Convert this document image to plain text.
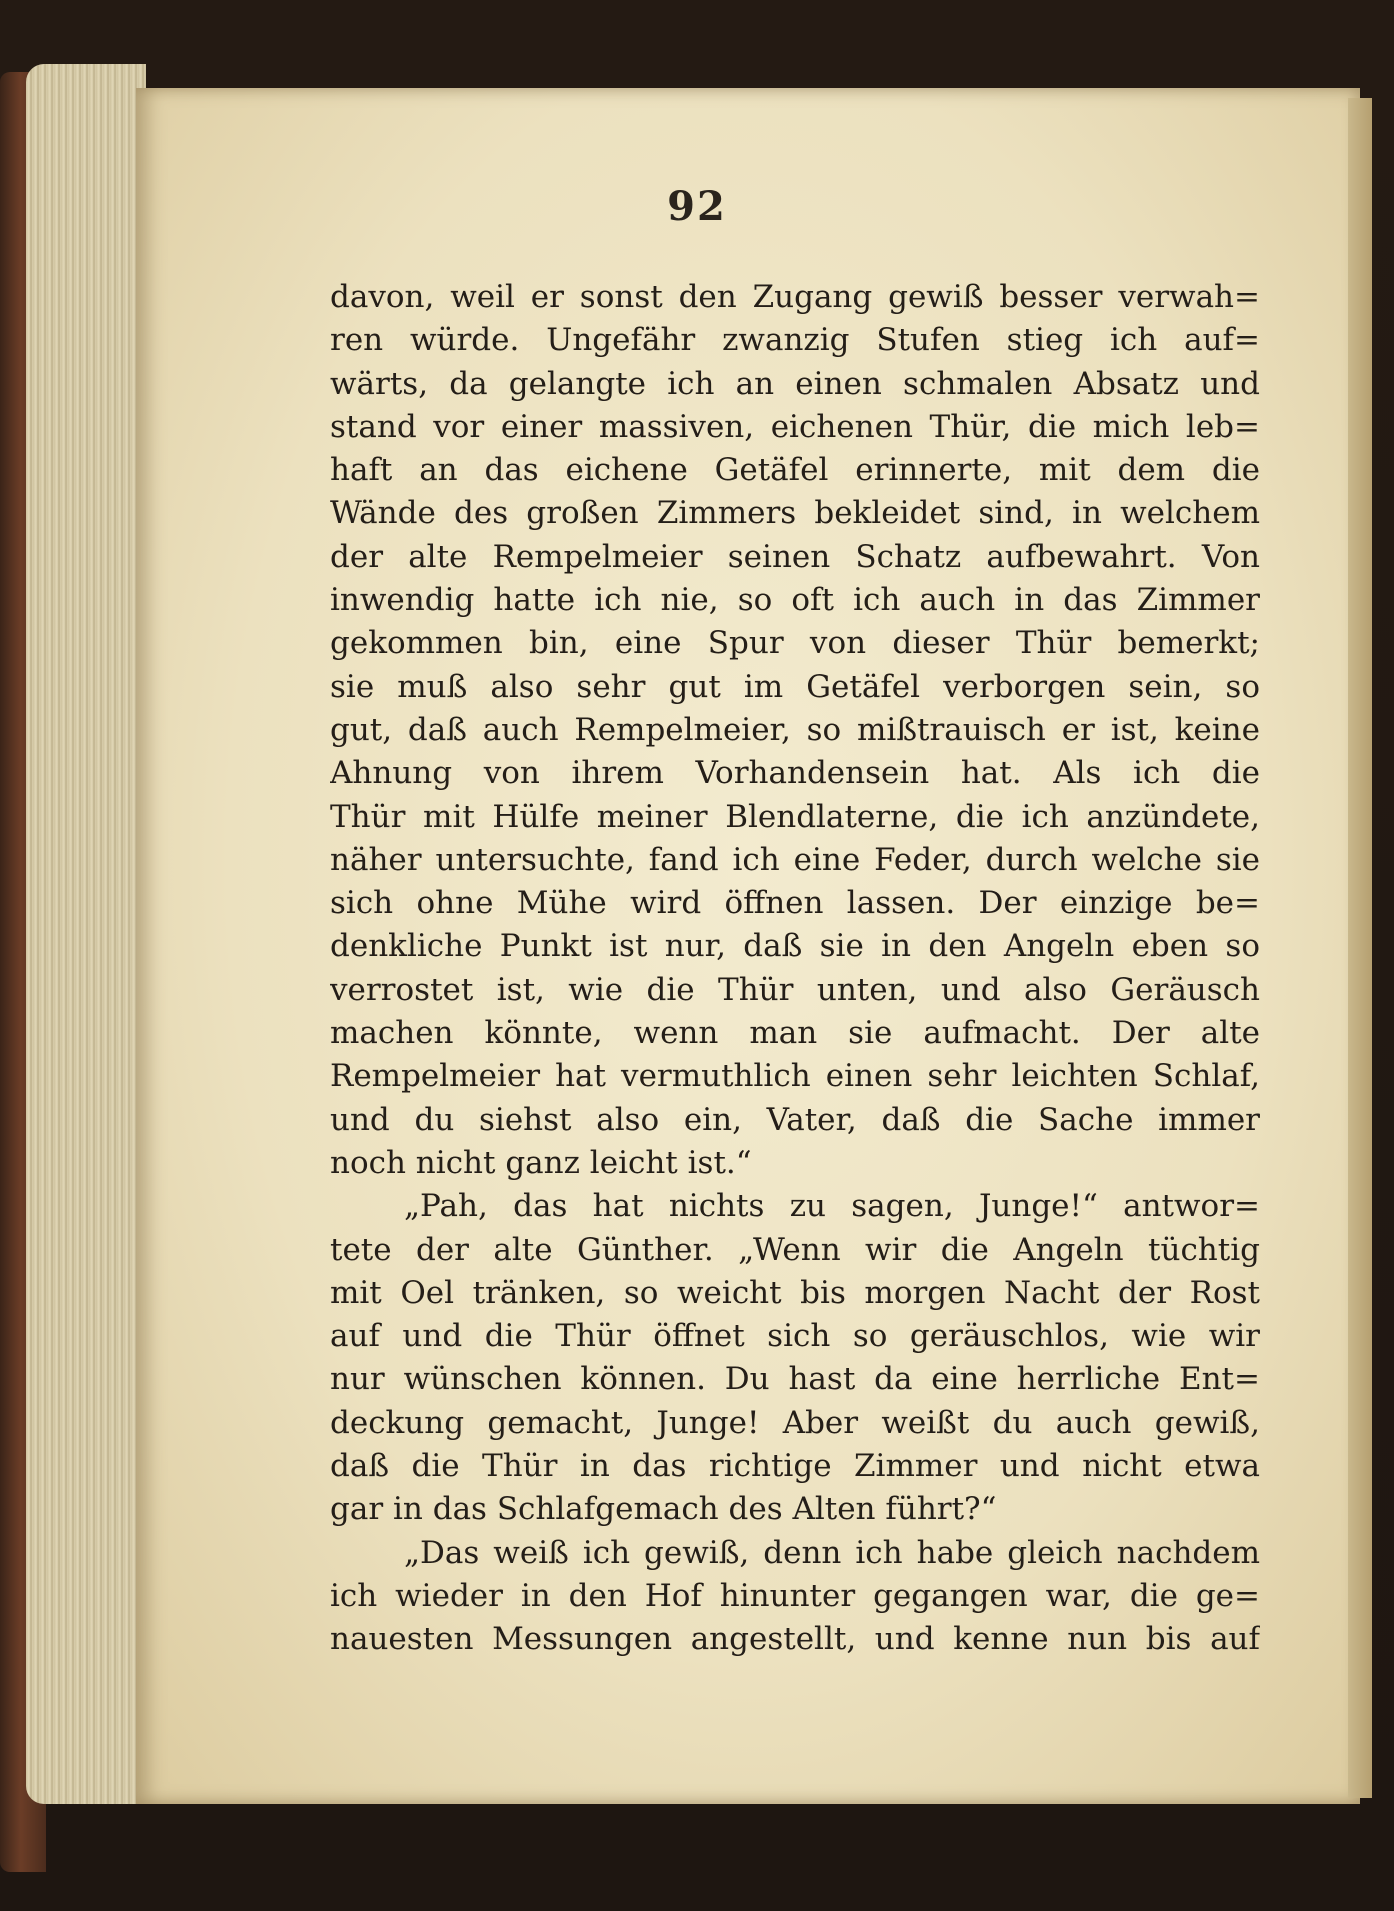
92
davon, weil er sonst den Zugang gewiß besser verwah=
ren würde. Ungefähr zwanzig Stufen stieg ich auf=
wärts, da gelangte ich an einen schmalen Absatz und
stand vor einer massiven, eichenen Thür, die mich leb=
haft an das eichene Getäfel erinnerte, mit dem die
Wände des großen Zimmers bekleidet sind, in welchem
der alte Rempelmeier seinen Schatz aufbewahrt. Von
inwendig hatte ich nie, so oft ich auch in das Zimmer
gekommen bin, eine Spur von dieser Thür bemerkt;
sie muß also sehr gut im Getäfel verborgen sein, so
gut, daß auch Rempelmeier, so mißtrauisch er ist, keine
Ahnung von ihrem Vorhandensein hat. Als ich die
Thür mit Hülfe meiner Blendlaterne, die ich anzündete,
näher untersuchte, fand ich eine Feder, durch welche sie
sich ohne Mühe wird öffnen lassen. Der einzige be=
denkliche Punkt ist nur, daß sie in den Angeln eben so
verrostet ist, wie die Thür unten, und also Geräusch
machen könnte, wenn man sie aufmacht. Der alte
Rempelmeier hat vermuthlich einen sehr leichten Schlaf,
und du siehst also ein, Vater, daß die Sache immer
noch nicht ganz leicht ist.“
„Pah, das hat nichts zu sagen, Junge!“ antwor=
tete der alte Günther. „Wenn wir die Angeln tüchtig
mit Oel tränken, so weicht bis morgen Nacht der Rost
auf und die Thür öffnet sich so geräuschlos, wie wir
nur wünschen können. Du hast da eine herrliche Ent=
deckung gemacht, Junge! Aber weißt du auch gewiß,
daß die Thür in das richtige Zimmer und nicht etwa
gar in das Schlafgemach des Alten führt?“
„Das weiß ich gewiß, denn ich habe gleich nachdem
ich wieder in den Hof hinunter gegangen war, die ge=
nauesten Messungen angestellt, und kenne nun bis auf
